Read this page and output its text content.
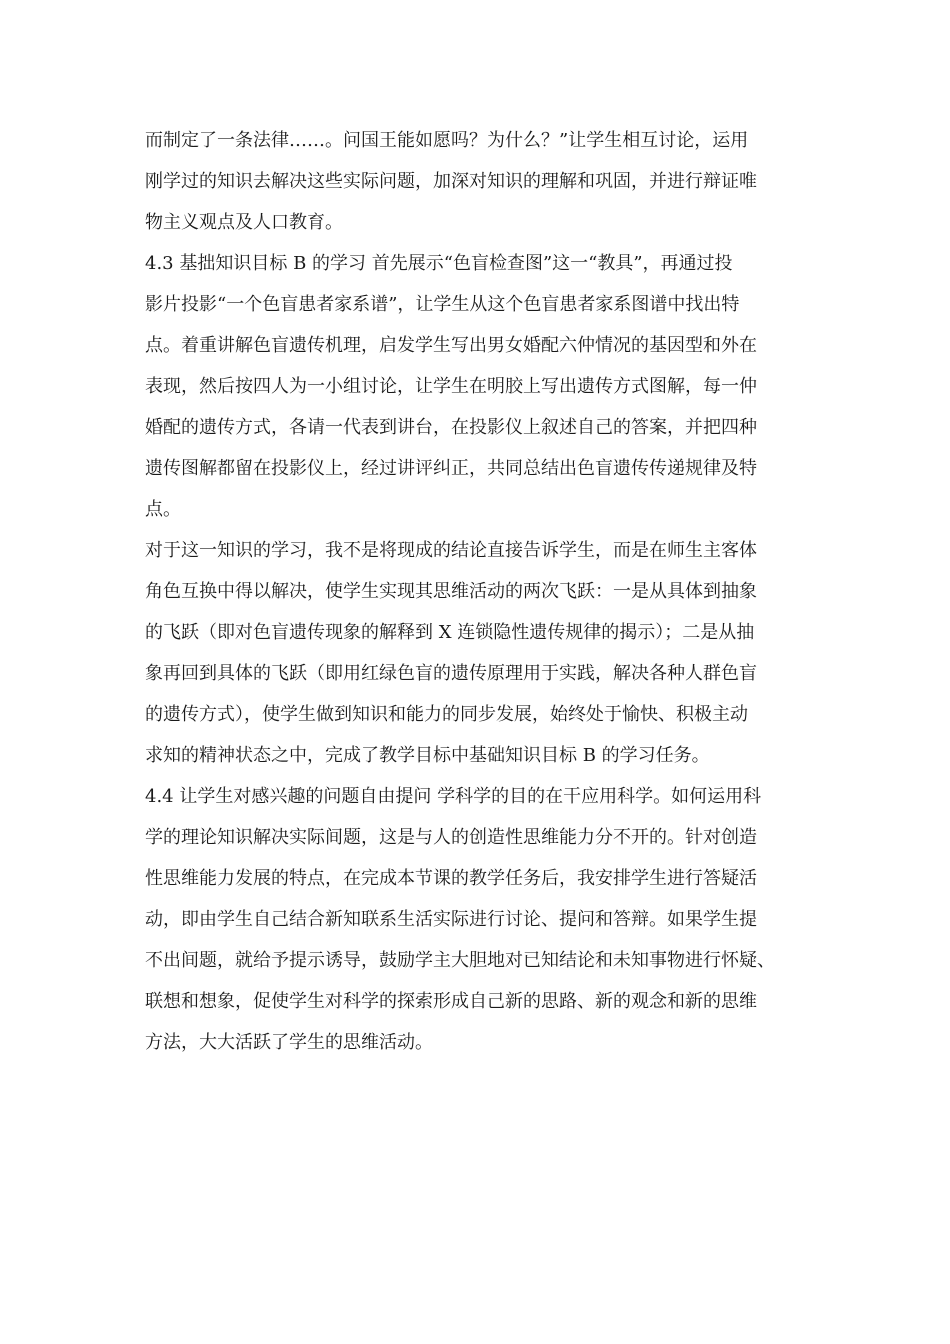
而制定了一条法律……。问国王能如愿吗？为什么？”让学生相互讨论，运用
刚学过的知识去解决这些实际问题，加深对知识的理解和巩固，并进行辩证唯
物主义观点及人口教育。
4.3 基拙知识目标 B 的学习 首先展示“色盲检查图”这一“教具”，再通过投
影片投影“一个色盲患者家系谱”，让学生从这个色盲患者家系图谱中找出特
点。着重讲解色盲遗传机理，启发学生写出男女婚配六仲情况的基因型和外在
表现，然后按四人为一小组讨论，让学生在明胶上写出遗传方式图解，每一仲
婚配的遗传方式，各请一代表到讲台，在投影仪上叙述自己的答案，并把四种
遗传图解都留在投影仪上，经过讲评纠正，共同总结出色盲遗传传递规律及特
点。
对于这一知识的学习，我不是将现成的结论直接告诉学生，而是在师生主客体
角色互换中得以解决，使学生实现其思维活动的两次飞跃：一是从具体到抽象
的飞跃（即对色盲遗传现象的解释到 X 连锁隐性遗传规律的揭示）；二是从抽
象再回到具体的飞跃（即用红绿色盲的遗传原理用于实践，解决各种人群色盲
的遗传方式），使学生做到知识和能力的同步发展，始终处于愉快、积极主动
求知的精神状态之中，完成了教学目标中基础知识目标 B 的学习任务。
4.4 让学生对感兴趣的问题自由提问 学科学的目的在干应用科学。如何运用科
学的理论知识解决实际间题，这是与人的创造性思维能力分不开的。针对创造
性思维能力发展的特点，在完成本节课的教学任务后，我安排学生进行答疑活
动，即由学生自己结合新知联系生活实际进行讨论、提问和答辩。如果学生提
不出间题，就给予提示诱导，鼓励学主大胆地对已知结论和未知事物进行怀疑、
联想和想象，促使学生对科学的探索形成自己新的思路、新的观念和新的思维
方法，大大活跃了学生的思维活动。
